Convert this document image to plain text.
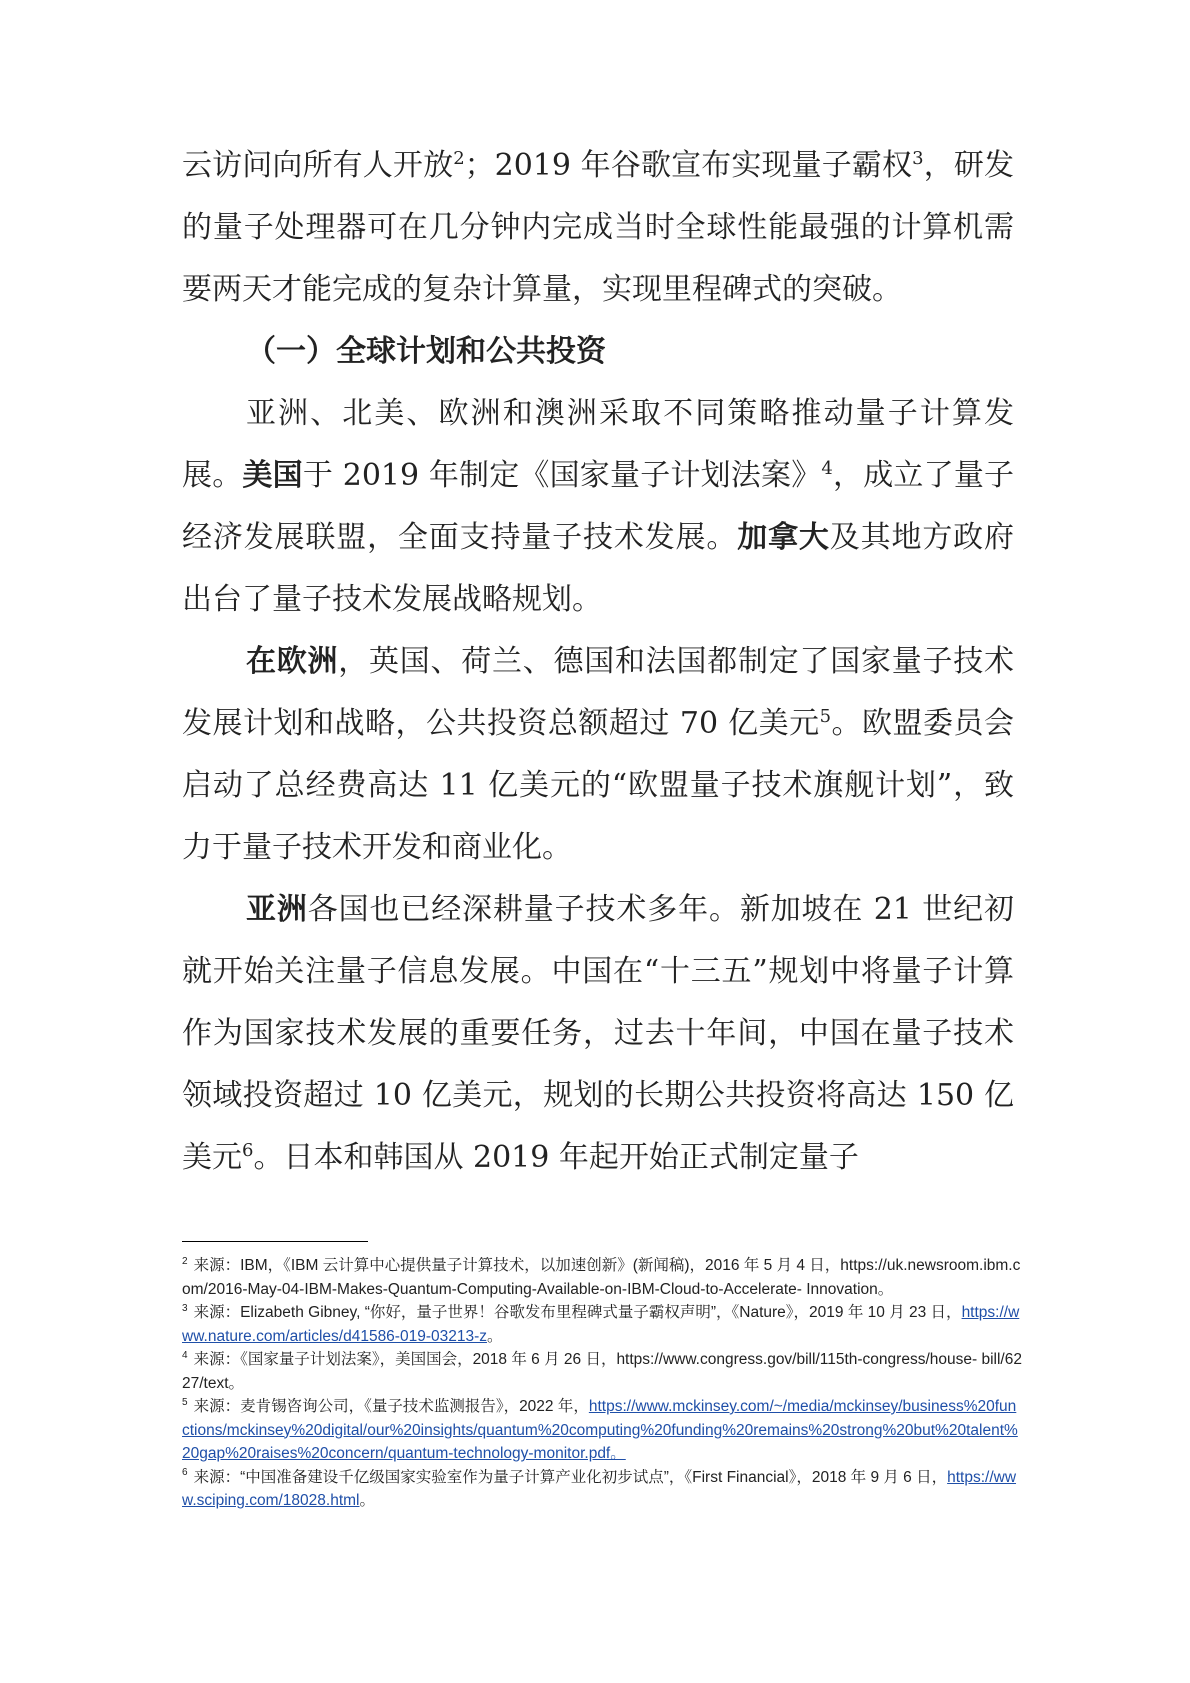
云访问向所有人开放$^2$；2019 年谷歌宣布实现量子霸权$^3$，研发的量子处理器可在几分钟内完成当时全球性能最强的计算机需要两天才能完成的复杂计算量，实现里程碑式的突破。

（一）全球计划和公共投资

亚洲、北美、欧洲和澳洲采取不同策略推动量子计算发展。美国于 2019 年制定《国家量子计划法案》$^4$，成立了量子经济发展联盟，全面支持量子技术发展。加拿大及其地方政府出台了量子技术发展战略规划。

在欧洲，英国、荷兰、德国和法国都制定了国家量子技术发展计划和战略，公共投资总额超过 70 亿美元$^5$。欧盟委员会启动了总经费高达 11 亿美元的“欧盟量子技术旗舰计划”，致力于量子技术开发和商业化。

亚洲各国也已经深耕量子技术多年。新加坡在 21 世纪初就开始关注量子信息发展。中国在“十三五”规划中将量子计算作为国家技术发展的重要任务，过去十年间，中国在量子技术领域投资超过 10 亿美元，规划的长期公共投资将高达 150 亿美元$^6$。日本和韩国从 2019 年起开始正式制定量子

$^2$ 来源：IBM，《IBM 云计算中心提供量子计算技术，以加速创新》(新闻稿)，2016 年 5 月 4 日，https://uk.newsroom.ibm.com/2016-May-04-IBM-Makes-Quantum-Computing-Available-on-IBM-Cloud-to-Accelerate- Innovation。

$^3$ 来源：Elizabeth Gibney, “你好，量子世界！谷歌发布里程碑式量子霸权声明”，《Nature》，2019 年 10 月 23 日，https://www.nature.com/articles/d41586-019-03213-z。

$^4$ 来源：《国家量子计划法案》，美国国会，2018 年 6 月 26 日，https://www.congress.gov/bill/115th-congress/house- bill/6227/text。

$^5$ 来源：麦肯锡咨询公司，《量子技术监测报告》，2022 年，https://www.mckinsey.com/~/media/mckinsey/business%20functions/mckinsey%20digital/our%20insights/quantum%20computing%20funding%20remains%20strong%20but%20talent%20gap%20raises%20concern/quantum-technology-monitor.pdf。

$^6$ 来源：“中国准备建设千亿级国家实验室作为量子计算产业化初步试点”，《First Financial》，2018 年 9 月 6 日，https://www.sciping.com/18028.html。
